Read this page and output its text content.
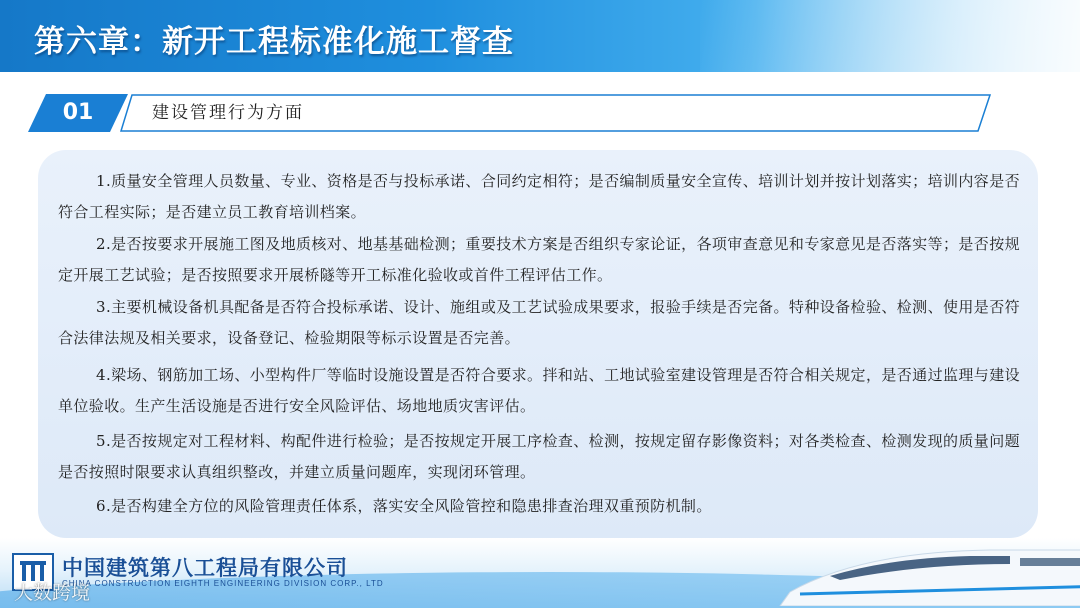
第六章：新开工程标准化施工督查
01	建设管理行为方面

1.质量安全管理人员数量、专业、资格是否与投标承诺、合同约定相符；是否编制质量安全宣传、培训计划并按计划落实；培训内容是否符合工程实际；是否建立员工教育培训档案。

2.是否按要求开展施工图及地质核对、地基基础检测；重要技术方案是否组织专家论证，各项审查意见和专家意见是否落实等；是否按规定开展工艺试验；是否按照要求开展桥隧等开工标准化验收或首件工程评估工作。

3.主要机械设备机具配备是否符合投标承诺、设计、施组或及工艺试验成果要求，报验手续是否完备。特种设备检验、检测、使用是否符合法律法规及相关要求，设备登记、检验期限等标示设置是否完善。

4.梁场、钢筋加工场、小型构件厂等临时设施设置是否符合要求。拌和站、工地试验室建设管理是否符合相关规定，是否通过监理与建设单位验收。生产生活设施是否进行安全风险评估、场地地质灾害评估。

5.是否按规定对工程材料、构配件进行检验；是否按规定开展工序检查、检测，按规定留存影像资料；对各类检查、检测发现的质量问题是否按照时限要求认真组织整改，并建立质量问题库，实现闭环管理。

6.是否构建全方位的风险管理责任体系，落实安全风险管控和隐患排查治理双重预防机制。

中国建筑第八工程局有限公司
CHINA CONSTRUCTION EIGHTH ENGINEERING DIVISION CORP., LTD
大数跨境
